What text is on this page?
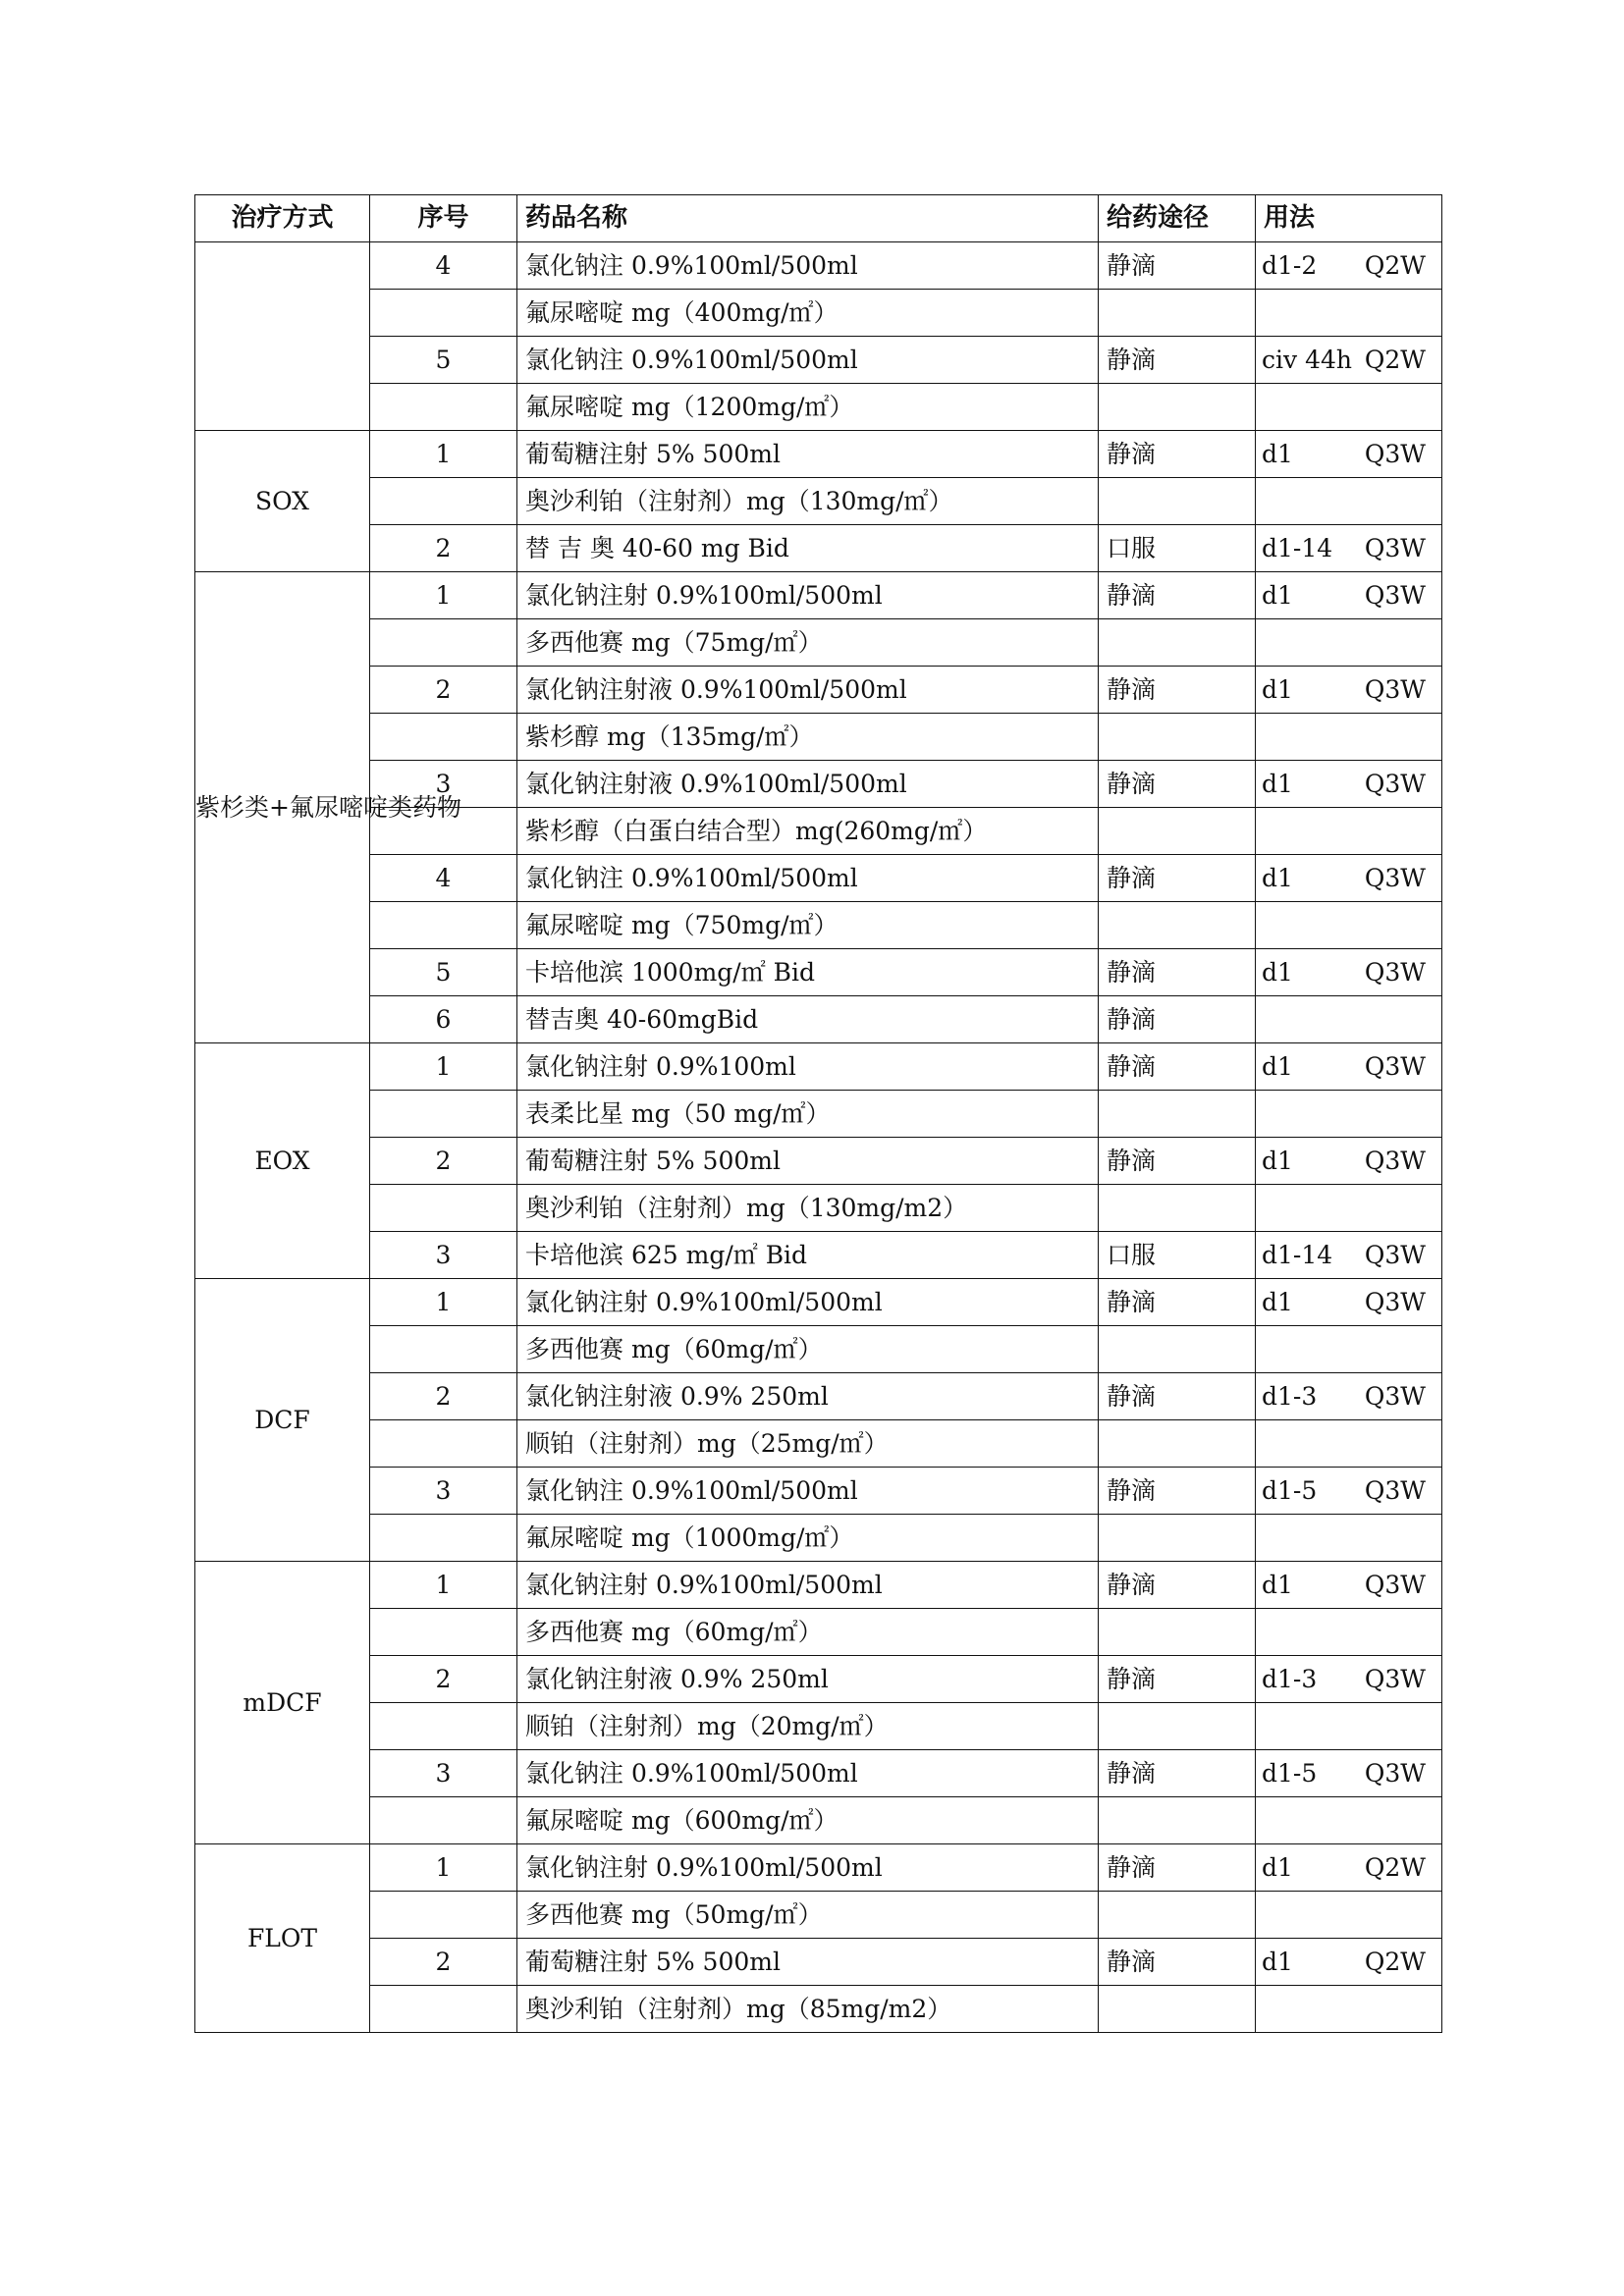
治疗方式	序号	药品名称	给药途径	用法
	4	氯化钠注 0.9%100ml/500ml	静滴	d1-2 Q2W

		氟尿嘧啶 mg（400mg/㎡）		

	5	氯化钠注 0.9%100ml/500ml	静滴	civ 44h Q2W

		氟尿嘧啶 mg（1200mg/㎡）		

SOX	1	葡萄糖注射 5% 500ml	静滴	d1 Q3W

		奥沙利铂（注射剂）mg（130mg/㎡）		

	2	替 吉 奥 40-60 mg Bid	口服	d1-14 Q3W

紫杉类+氟尿嘧啶类药物	1	氯化钠注射 0.9%100ml/500ml	静滴	d1 Q3W

		多西他赛 mg（75mg/㎡）		

	2	氯化钠注射液 0.9%100ml/500ml	静滴	d1 Q3W

		紫杉醇 mg（135mg/㎡）		

	3	氯化钠注射液 0.9%100ml/500ml	静滴	d1 Q3W

		紫杉醇（白蛋白结合型）mg(260mg/㎡）		

	4	氯化钠注 0.9%100ml/500ml	静滴	d1 Q3W

		氟尿嘧啶 mg（750mg/㎡）		

	5	卡培他滨 1000mg/㎡ Bid	静滴	d1 Q3W

	6	替吉奥 40-60mgBid	静滴	

EOX	1	氯化钠注射 0.9%100ml	静滴	d1 Q3W

		表柔比星 mg（50 mg/㎡）		

	2	葡萄糖注射 5% 500ml	静滴	d1 Q3W

		奥沙利铂（注射剂）mg（130mg/m2）		

	3	卡培他滨 625 mg/㎡ Bid	口服	d1-14 Q3W

DCF	1	氯化钠注射 0.9%100ml/500ml	静滴	d1 Q3W

		多西他赛 mg（60mg/㎡）		

	2	氯化钠注射液 0.9% 250ml	静滴	d1-3 Q3W

		顺铂（注射剂）mg（25mg/㎡）		

	3	氯化钠注 0.9%100ml/500ml	静滴	d1-5 Q3W

		氟尿嘧啶 mg（1000mg/㎡）		

mDCF	1	氯化钠注射 0.9%100ml/500ml	静滴	d1 Q3W

		多西他赛 mg（60mg/㎡）		

	2	氯化钠注射液 0.9% 250ml	静滴	d1-3 Q3W

		顺铂（注射剂）mg（20mg/㎡）		

	3	氯化钠注 0.9%100ml/500ml	静滴	d1-5 Q3W

		氟尿嘧啶 mg（600mg/㎡）		

FLOT	1	氯化钠注射 0.9%100ml/500ml	静滴	d1 Q2W

		多西他赛 mg（50mg/㎡）		

	2	葡萄糖注射 5% 500ml	静滴	d1 Q2W

		奥沙利铂（注射剂）mg（85mg/m2）		
